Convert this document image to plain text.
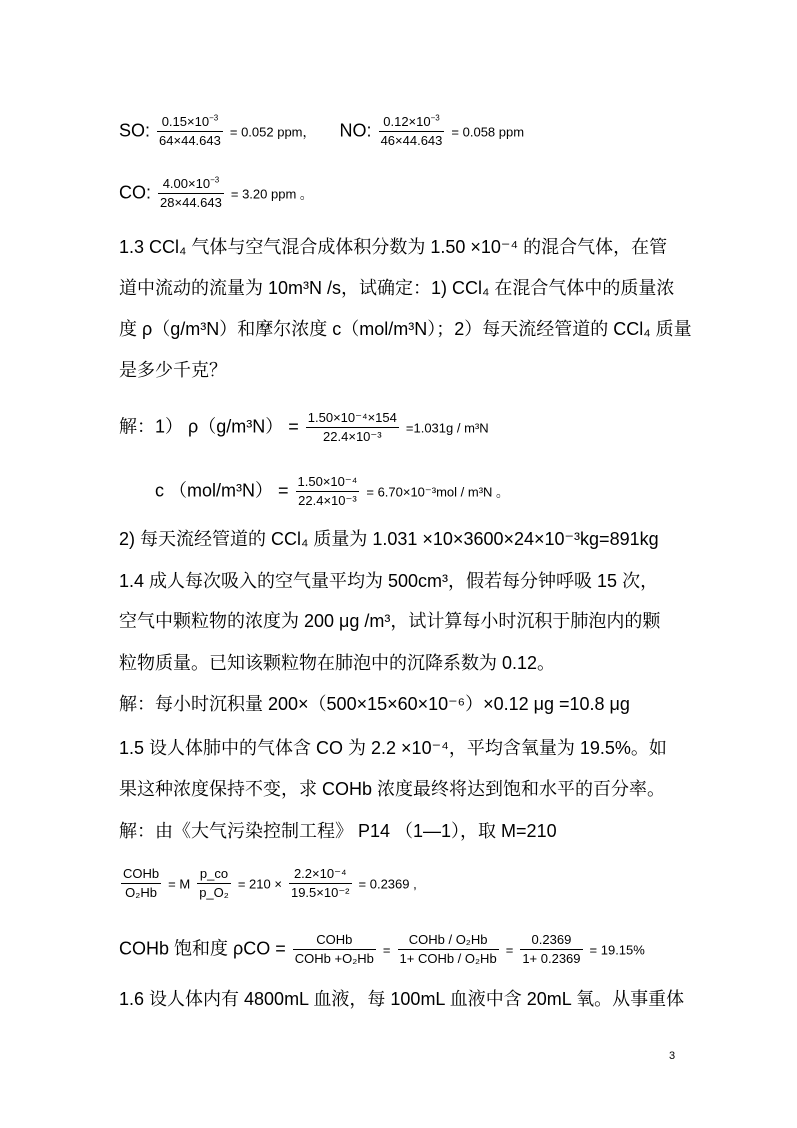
SO: $\frac{0.15\times 10^{-3}}{64\times 44.643} = 0.052$ ppm， NO: $\frac{0.12\times 10^{-3}}{46\times 44.643} = 0.058$ ppm
CO: $\frac{4.00\times 10^{-3}}{28\times 44.643} = 3.20$ ppm 。
1.3 CCl₄ 气体与空气混合成体积分数为 1.50 ×10⁻⁴ 的混合气体，在管
道中流动的流量为 10m³N /s，试确定：1) CCl₄ 在混合气体中的质量浓
度 ρ（g/m³N）和摩尔浓度 c（mol/m³N）；2）每天流经管道的 CCl₄ 质量
是多少千克？
解：1） $\rho(g/m^3N) = \frac{\text{1.50×10⁻⁴×154}}{\text{22.4×10⁻³}} =1.031g / m^3N$
c $(mol/m^3N) = \frac{\text{1.50×10⁻⁴}}{\text{22.4×10⁻³}} = 6.70\times 10^{-3}mol / m^3N$ 。
2) 每天流经管道的 CCl₄ 质量为 1.031 ×10×3600×24×10⁻³kg=891kg
1.4 成人每次吸入的空气量平均为 500cm³，假若每分钟呼吸 15 次，
空气中颗粒物的浓度为 200 μg /m³，试计算每小时沉积于肺泡内的颗
粒物质量。已知该颗粒物在肺泡中的沉降系数为 0.12。
解：每小时沉积量 200×（500×15×60×10⁻⁶）×0.12 μg =10.8 μg
1.5 设人体肺中的气体含 CO 为 2.2 ×10⁻⁴，平均含氧量为 19.5%。如
果这种浓度保持不变，求 COHb 浓度最终将达到饱和水平的百分率。
解：由《大气污染控制工程》 P14 （1—1），取 M=210
$\frac{\text{COHb}}{\text{O₂Hb}} = M \frac{p\_co}{\text{p\_O₂}} = 210 \times \frac{\text{2.2×10⁻⁴}}{\text{19.5×10⁻²}} = 0.2369$ ,
COHb 饱和度 $\rho CO = \frac{\text{COHb}}{\text{COHb +O₂Hb}} = \frac{\text{COHb / O₂Hb}}{\text{1+ COHb / O₂Hb}} = \frac{0.2369}{1+ 0.2369} = 19.15\%$
1.6 设人体内有 4800mL 血液，每 100mL 血液中含 20mL 氧。从事重体
3
